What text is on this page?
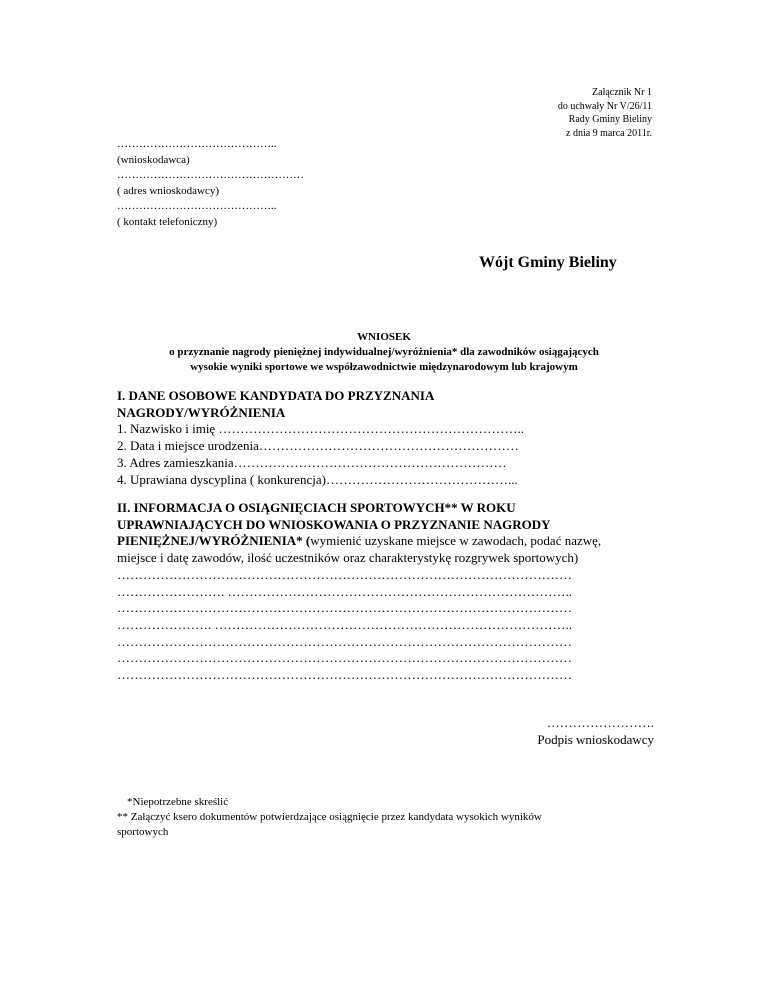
Załącznik Nr 1
do uchwały Nr V/26/11
Rady Gminy Bieliny
z dnia 9 marca 2011r.
……………………………………..
(wnioskodawca)
……………………………………………
( adres wnioskodawcy)
……………………………………..
( kontakt telefoniczny)
Wójt Gminy Bieliny
WNIOSEK
o przyznanie nagrody pieniężnej indywidualnej/wyróżnienia* dla zawodników osiągających
wysokie wyniki sportowe we współzawodnictwie międzynarodowym lub krajowym
I. DANE OSOBOWE KANDYDATA DO PRZYZNANIA
NAGRODY/WYRÓŻNIENIA
1. Nazwisko i imię ……………………………………………………………..
2. Data i miejsce urodzenia……………………………………………………
3. Adres zamieszkania………………………………………………………
4. Uprawiana dyscyplina ( konkurencja)……………………………………...
II. INFORMACJA O OSIĄGNIĘCIACH SPORTOWYCH** W ROKU
UPRAWNIAJĄCYCH DO WNIOSKOWANIA O PRZYZNANIE NAGRODY
PIENIĘŻNEJ/WYRÓŻNIENIA* (wymienić uzyskane miejsce w zawodach, podać nazwę,
miejsce i datę zawodów, ilość uczestników oraz charakterystykę rozgrywek sportowych)
……………………………………………………………………………………………
……………………. ……………………………………………………………………..
……………………………………………………………………………………………
…………………. ………………………………………………………………………..
……………………………………………………………………………………………
……………………………………………………………………………………………
……………………………………………………………………………………………
…………………….
Podpis wnioskodawcy
*Niepotrzebne skreślić
** Załączyć ksero dokumentów potwierdzające osiągnięcie przez kandydata wysokich wyników
sportowych
